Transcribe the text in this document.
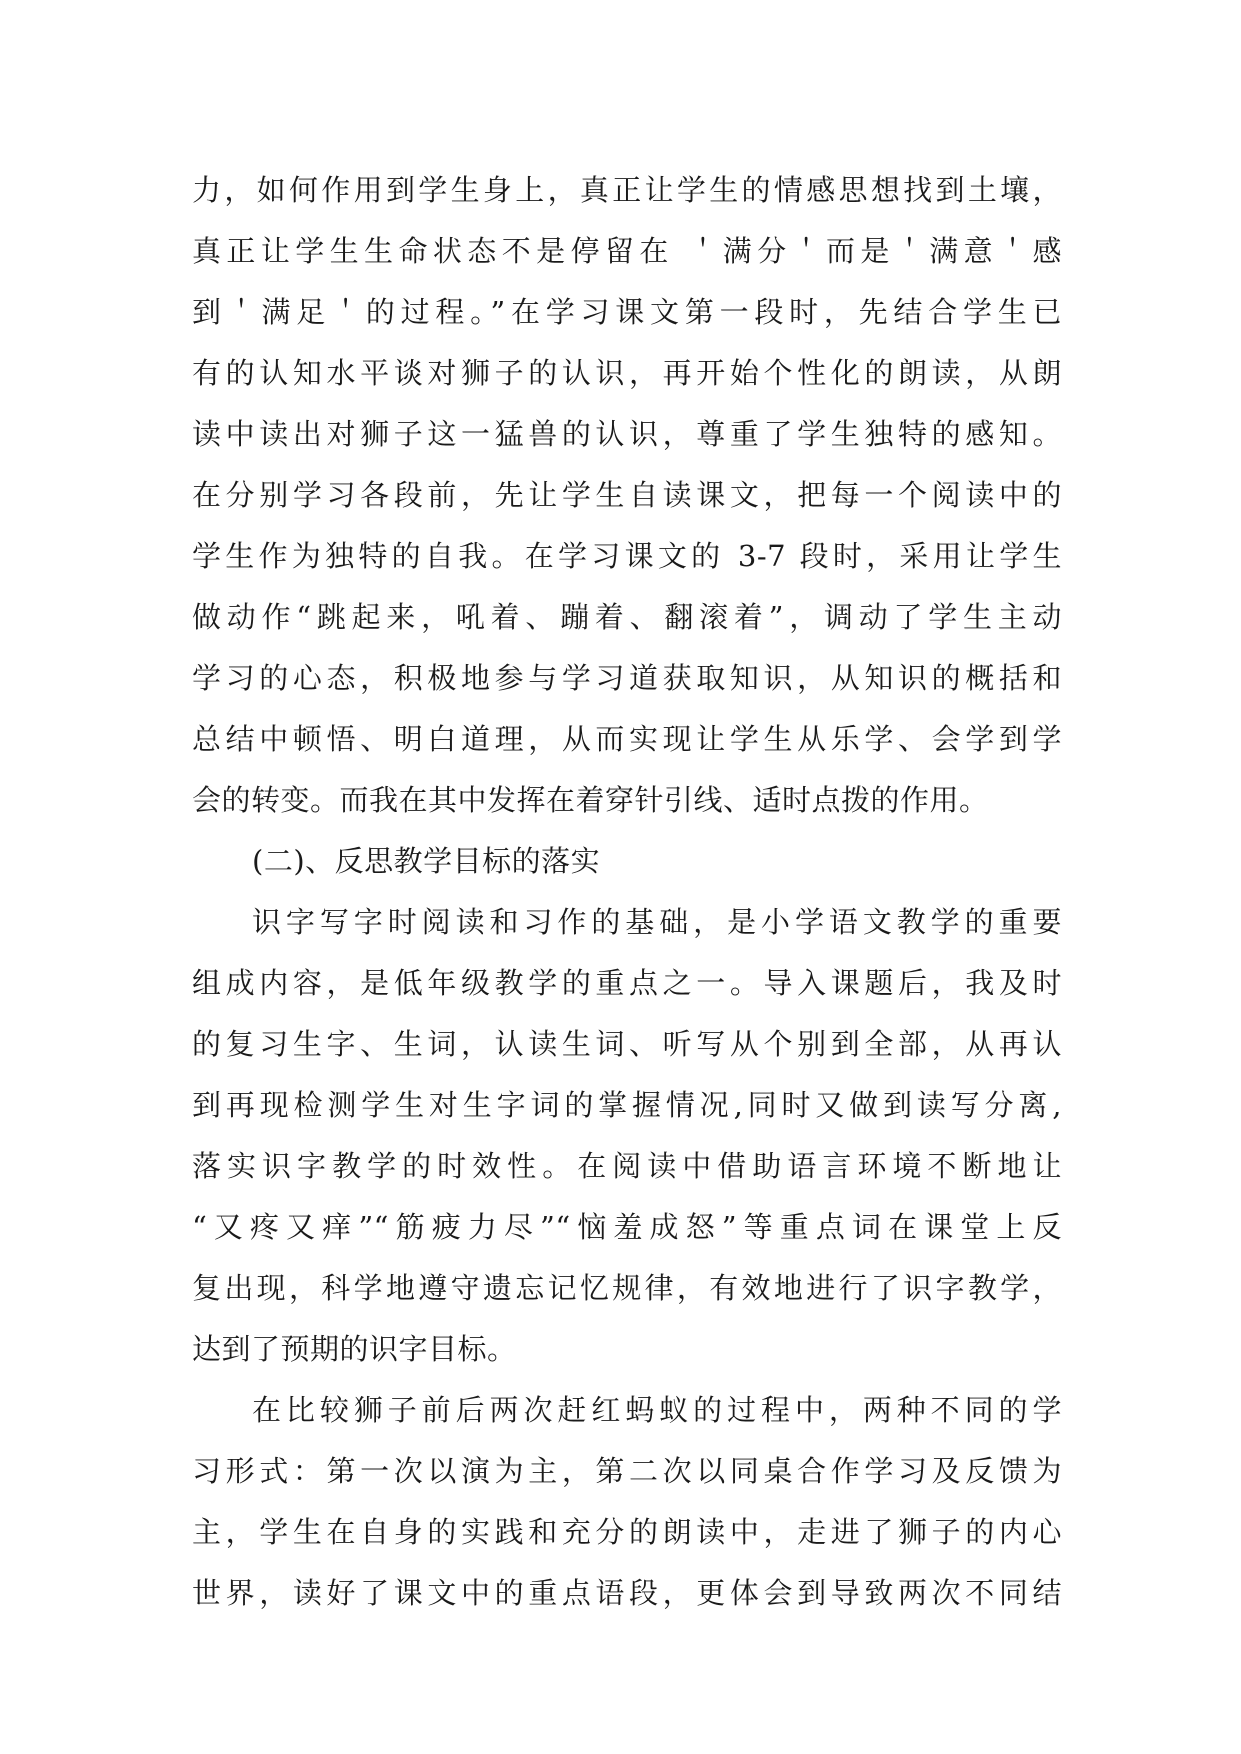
力，如何作用到学生身上，真正让学生的情感思想找到土壤，
真正让学生生命状态不是停留在 ＇满分＇而是＇满意＇感
到＇满足＇的过程。”在学习课文第一段时，先结合学生已
有的认知水平谈对狮子的认识，再开始个性化的朗读，从朗
读中读出对狮子这一猛兽的认识，尊重了学生独特的感知。
在分别学习各段前，先让学生自读课文，把每一个阅读中的
学生作为独特的自我。在学习课文的 3-7 段时，采用让学生
做动作“跳起来，吼着、蹦着、翻滚着”，调动了学生主动
学习的心态，积极地参与学习道获取知识，从知识的概括和
总结中顿悟、明白道理，从而实现让学生从乐学、会学到学
会的转变。而我在其中发挥在着穿针引线、适时点拨的作用。
(二)、反思教学目标的落实
识字写字时阅读和习作的基础，是小学语文教学的重要
组成内容，是低年级教学的重点之一。导入课题后，我及时
的复习生字、生词，认读生词、听写从个别到全部，从再认
到再现检测学生对生字词的掌握情况,同时又做到读写分离,
落实识字教学的时效性。在阅读中借助语言环境不断地让
“又疼又痒”“筋疲力尽”“恼羞成怒”等重点词在课堂上反
复出现，科学地遵守遗忘记忆规律，有效地进行了识字教学，
达到了预期的识字目标。
在比较狮子前后两次赶红蚂蚁的过程中，两种不同的学
习形式：第一次以演为主，第二次以同桌合作学习及反馈为
主，学生在自身的实践和充分的朗读中，走进了狮子的内心
世界，读好了课文中的重点语段，更体会到导致两次不同结
